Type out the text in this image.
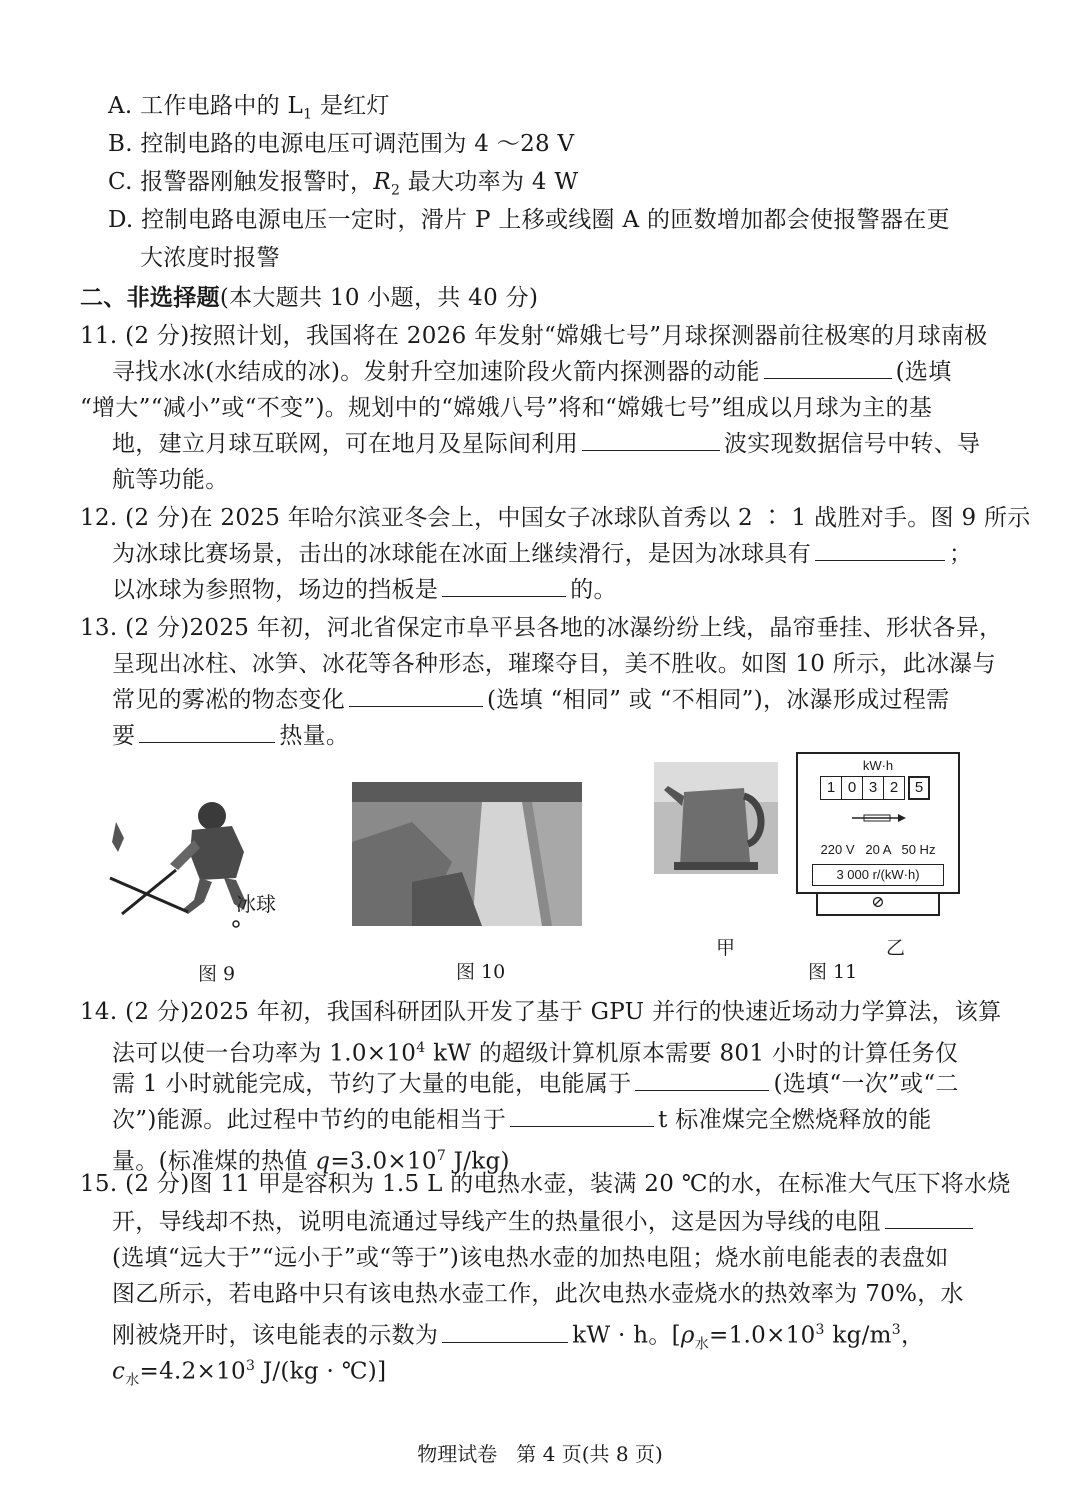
A. 工作电路中的 $L_1$ 是红灯
B. 控制电路的电源电压可调范围为 4 ～28 V
C. 报警器刚触发报警时，$R_2$ 最大功率为 4 W
D. 控制电路电源电压一定时，滑片 P 上移或线圈 A 的匝数增加都会使报警器在更
大浓度时报警
二、非选择题(本大题共 10 小题，共 40 分)
11. (2 分)按照计划，我国将在 2026 年发射“嫦娥七号”月球探测器前往极寒的月球南极
寻找水冰(水结成的冰)。发射升空加速阶段火箭内探测器的动能	(选填
“增大”“减小”或“不变”)。规划中的“嫦娥八号”将和“嫦娥七号”组成以月球为主的基
地，建立月球互联网，可在地月及星际间利用	波实现数据信号中转、导
航等功能。
12. (2 分)在 2025 年哈尔滨亚冬会上，中国女子冰球队首秀以 2 ∶ 1 战胜对手。图 9 所示
为冰球比赛场景，击出的冰球能在冰面上继续滑行，是因为冰球具有	；
以冰球为参照物，场边的挡板是	的。
13. (2 分)2025 年初，河北省保定市阜平县各地的冰瀑纷纷上线，晶帘垂挂、形状各异，
呈现出冰柱、冰笋、冰花等各种形态，璀璨夺目，美不胜收。如图 10 所示，此冰瀑与
常见的雾凇的物态变化	(选填 “相同” 或 “不相同”)，冰瀑形成过程需
要	热量。
冰球
图 9	图 10
甲
kW·h
1 0 3 2	5
220 V   20 A   50 Hz
3 000 r/(kW·h)
⊘
乙
图 11
14. (2 分)2025 年初，我国科研团队开发了基于 GPU 并行的快速近场动力学算法，该算
法可以使一台功率为 $1.0\times 10^4$ kW 的超级计算机原本需要 801 小时的计算任务仅
需 1 小时就能完成，节约了大量的电能，电能属于	(选填“一次”或“二
次”)能源。此过程中节约的电能相当于	t 标准煤完全燃烧释放的能
量。(标准煤的热值 $q=3.0\times 10^7$ J/kg)
15. (2 分)图 11 甲是容积为 1.5 L 的电热水壶，装满 20 ℃的水，在标准大气压下将水烧
开，导线却不热，说明电流通过导线产生的热量很小，这是因为导线的电阻
(选填“远大于”“远小于”或“等于”)该电热水壶的加热电阻；烧水前电能表的表盘如
图乙所示，若电路中只有该电热水壶工作，此次电热水壶烧水的热效率为 70%，水
刚被烧开时，该电能表的示数为	kW · h。[$\rho_水=1.0\times 10^3$ $kg/m^3$，
$c_水=4.2\times 10^3$ J/(kg · ℃)]
物理试卷   第 4 页(共 8 页)
